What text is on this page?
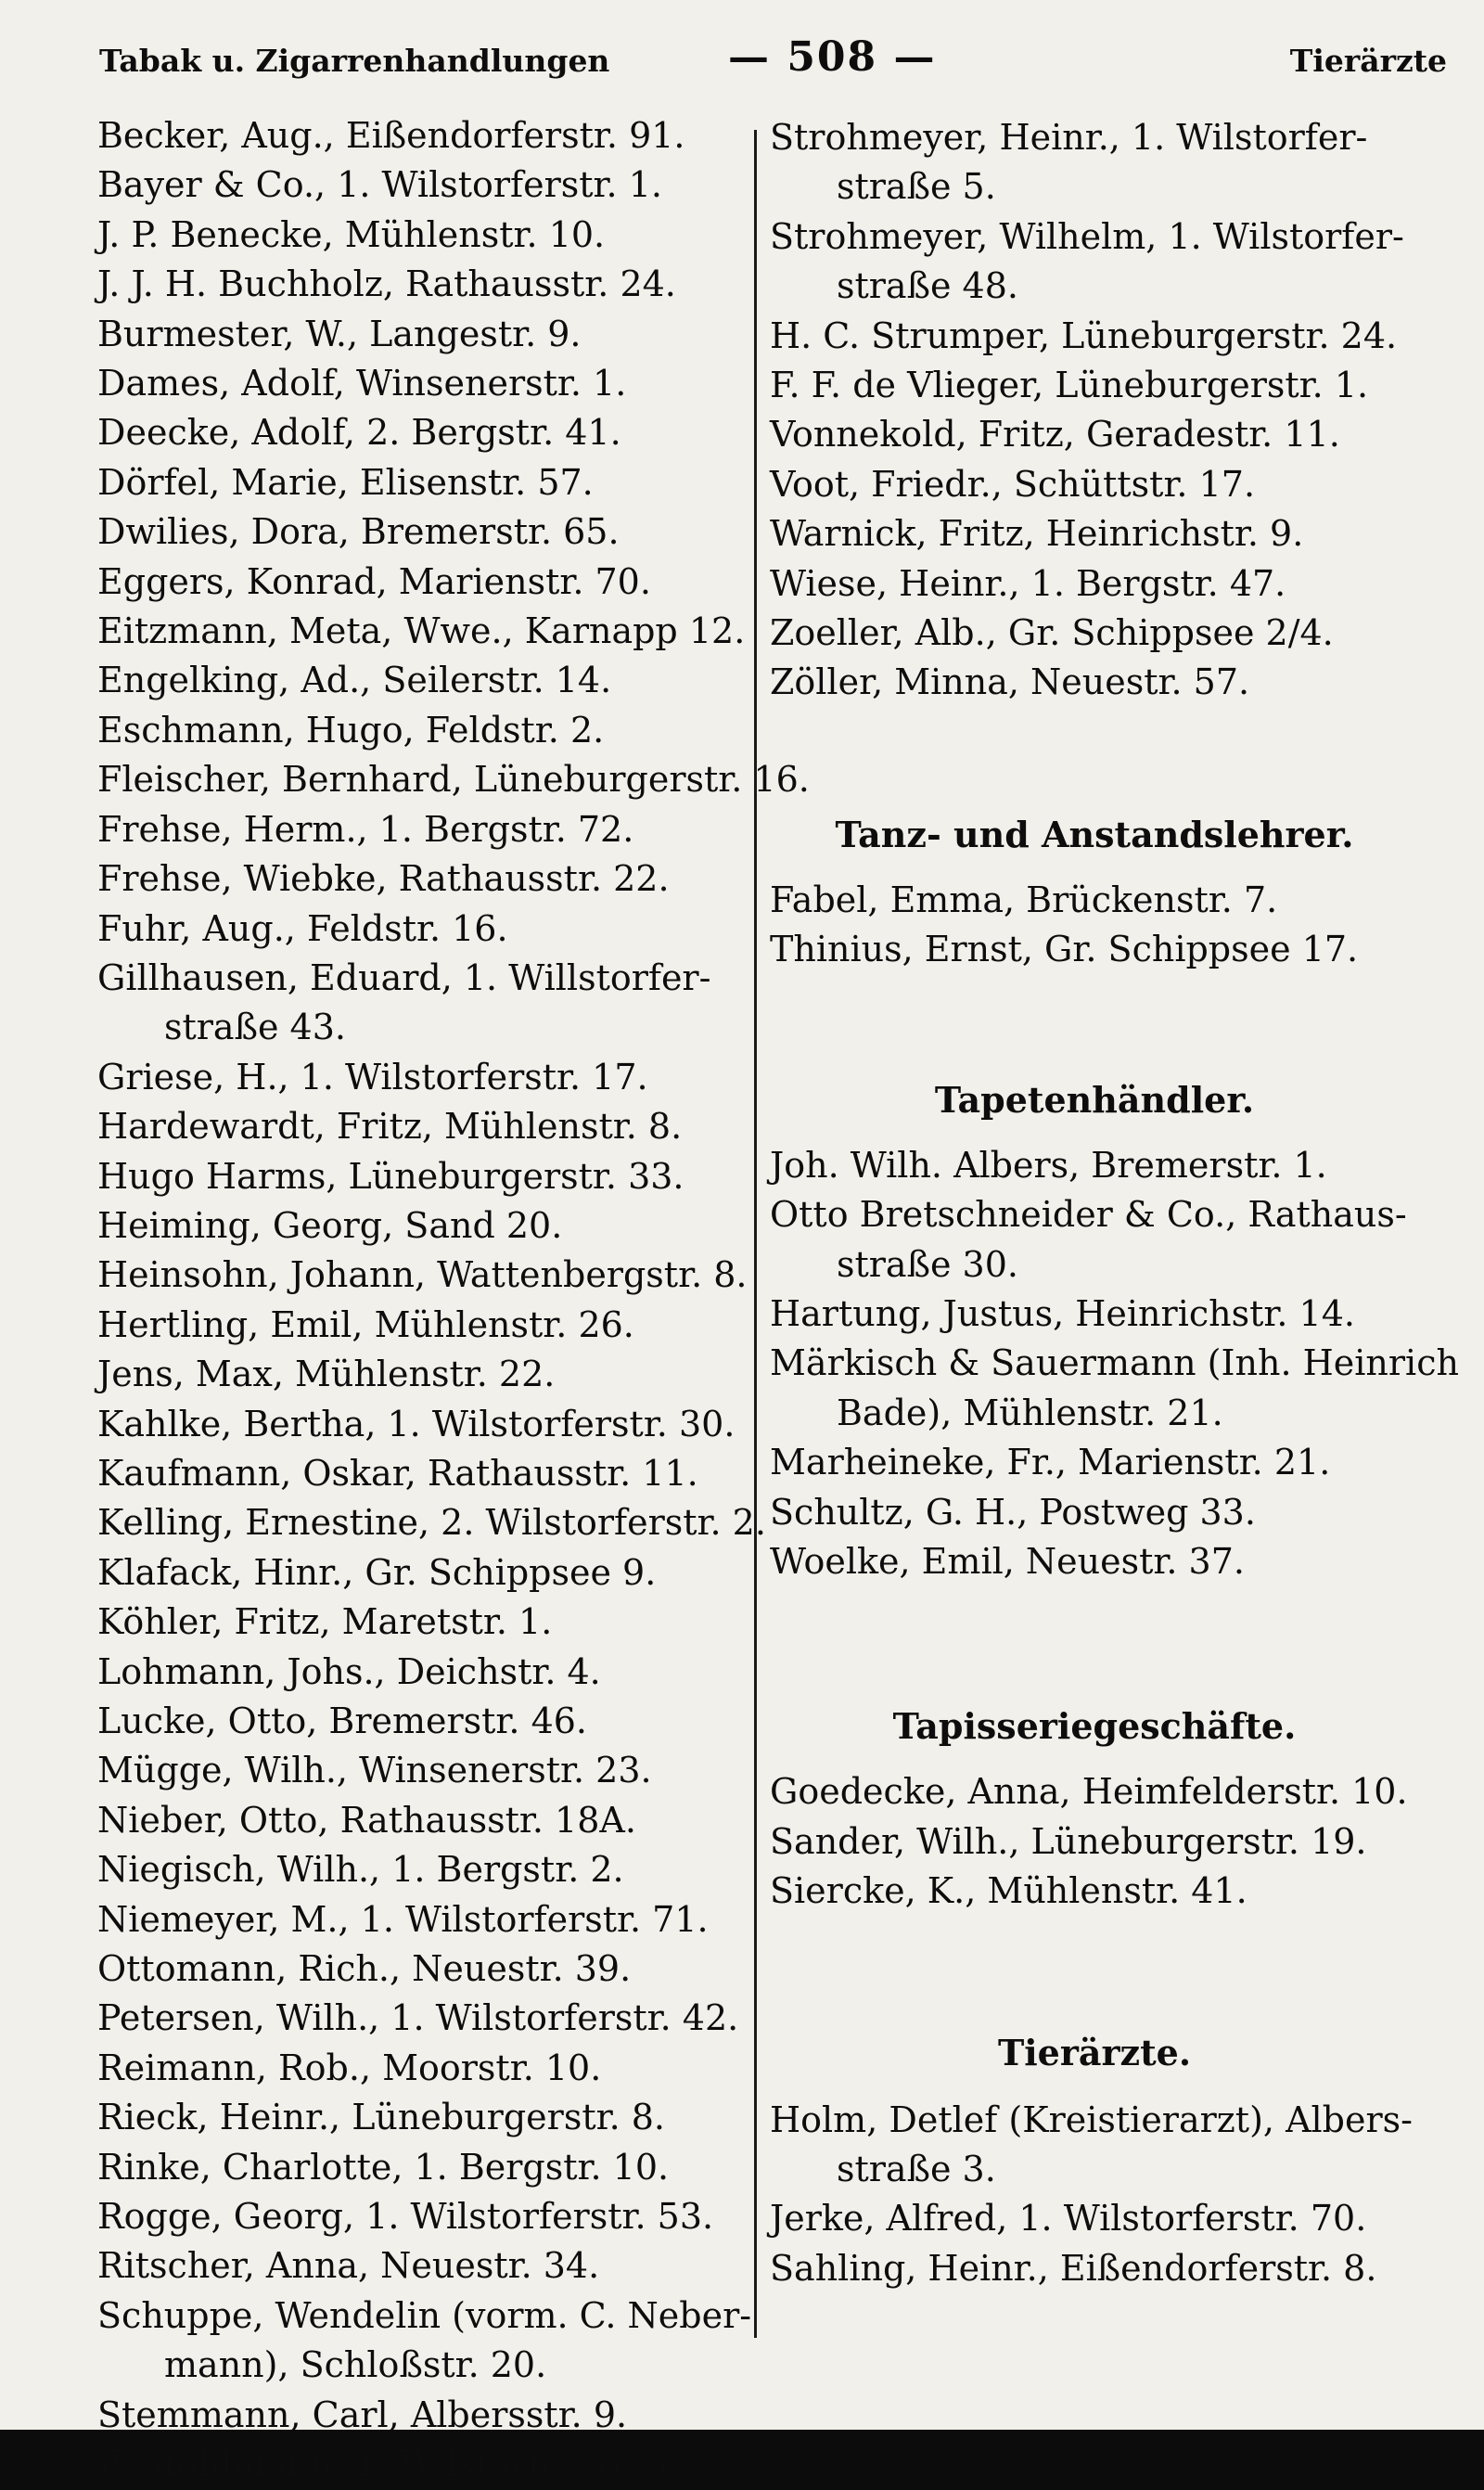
Tabak u. Zigarrenhandlungen	— 508 —	Tierärzte
Becker, Aug., Eißendorferstr. 91.
Bayer & Co., 1. Wilstorferstr. 1.
J. P. Benecke, Mühlenstr. 10.
J. J. H. Buchholz, Rathausstr. 24.
Burmester, W., Langestr. 9.
Dames, Adolf, Winsenerstr. 1.
Deecke, Adolf, 2. Bergstr. 41.
Dörfel, Marie, Elisenstr. 57.
Dwilies, Dora, Bremerstr. 65.
Eggers, Konrad, Marienstr. 70.
Eitzmann, Meta, Wwe., Karnapp 12.
Engelking, Ad., Seilerstr. 14.
Eschmann, Hugo, Feldstr. 2.
Fleischer, Bernhard, Lüneburgerstr. 16.
Frehse, Herm., 1. Bergstr. 72.
Frehse, Wiebke, Rathausstr. 22.
Fuhr, Aug., Feldstr. 16.
Gillhausen, Eduard, 1. Willstorfer-
straße 43.
Griese, H., 1. Wilstorferstr. 17.
Hardewardt, Fritz, Mühlenstr. 8.
Hugo Harms, Lüneburgerstr. 33.
Heiming, Georg, Sand 20.
Heinsohn, Johann, Wattenbergstr. 8.
Hertling, Emil, Mühlenstr. 26.
Jens, Max, Mühlenstr. 22.
Kahlke, Bertha, 1. Wilstorferstr. 30.
Kaufmann, Oskar, Rathausstr. 11.
Kelling, Ernestine, 2. Wilstorferstr. 2.
Klafack, Hinr., Gr. Schippsee 9.
Köhler, Fritz, Maretstr. 1.
Lohmann, Johs., Deichstr. 4.
Lucke, Otto, Bremerstr. 46.
Mügge, Wilh., Winsenerstr. 23.
Nieber, Otto, Rathausstr. 18A.
Niegisch, Wilh., 1. Bergstr. 2.
Niemeyer, M., 1. Wilstorferstr. 71.
Ottomann, Rich., Neuestr. 39.
Petersen, Wilh., 1. Wilstorferstr. 42.
Reimann, Rob., Moorstr. 10.
Rieck, Heinr., Lüneburgerstr. 8.
Rinke, Charlotte, 1. Bergstr. 10.
Rogge, Georg, 1. Wilstorferstr. 53.
Ritscher, Anna, Neuestr. 34.
Schuppe, Wendelin (vorm. C. Neber-
mann), Schloßstr. 20.
Stemmann, Carl, Albersstr. 9.
F. Stohlmann, 1. Wilstorferstr. 3.
Strohmeyer, Heinr., 1. Wilstorfer-
straße 5.
Strohmeyer, Wilhelm, 1. Wilstorfer-
straße 48.
H. C. Strumper, Lüneburgerstr. 24.
F. F. de Vlieger, Lüneburgerstr. 1.
Vonnekold, Fritz, Geradestr. 11.
Voot, Friedr., Schüttstr. 17.
Warnick, Fritz, Heinrichstr. 9.
Wiese, Heinr., 1. Bergstr. 47.
Zoeller, Alb., Gr. Schippsee 2/4.
Zöller, Minna, Neuestr. 57.
Tanz- und Anstandslehrer.
Fabel, Emma, Brückenstr. 7.
Thinius, Ernst, Gr. Schippsee 17.
Tapetenhändler.
Joh. Wilh. Albers, Bremerstr. 1.
Otto Bretschneider & Co., Rathaus-
straße 30.
Hartung, Justus, Heinrichstr. 14.
Märkisch & Sauermann (Inh. Heinrich
Bade), Mühlenstr. 21.
Marheineke, Fr., Marienstr. 21.
Schultz, G. H., Postweg 33.
Woelke, Emil, Neuestr. 37.
Tapisseriegeschäfte.
Goedecke, Anna, Heimfelderstr. 10.
Sander, Wilh., Lüneburgerstr. 19.
Siercke, K., Mühlenstr. 41.
Tierärzte.
Holm, Detlef (Kreistierarzt), Albers-
straße 3.
Jerke, Alfred, 1. Wilstorferstr. 70.
Sahling, Heinr., Eißendorferstr. 8.
